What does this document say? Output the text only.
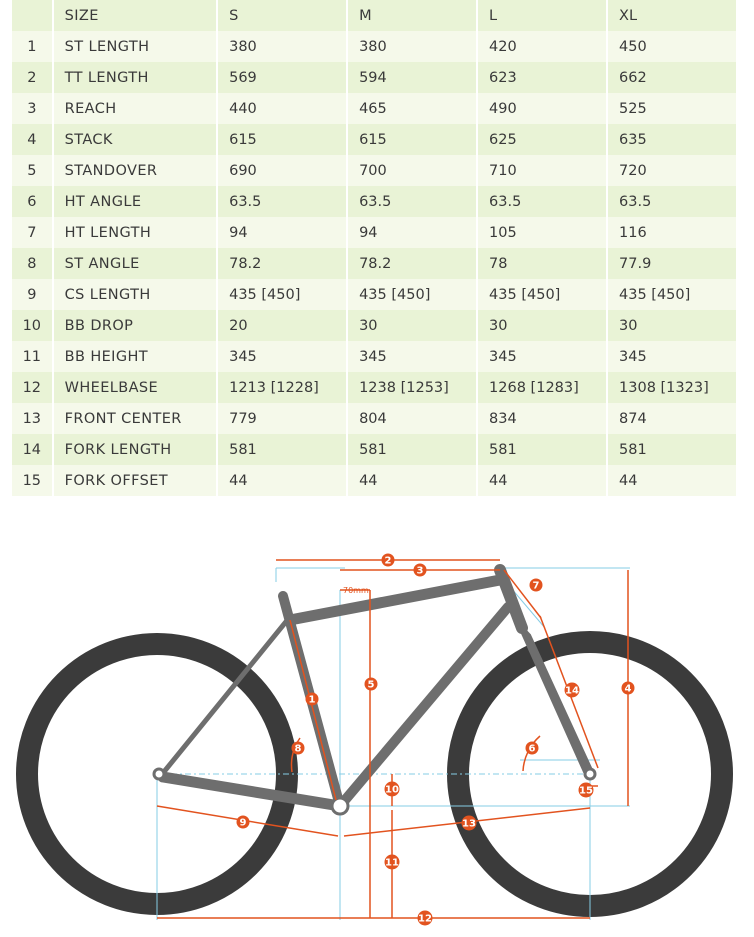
	SIZE	S	M	L	XL
1	ST LENGTH	380	380	420	450
2	TT LENGTH	569	594	623	662
3	REACH	440	465	490	525
4	STACK	615	615	625	635
5	STANDOVER	690	700	710	720
6	HT ANGLE	63.5	63.5	63.5	63.5
7	HT LENGTH	94	94	105	116
8	ST ANGLE	78.2	78.2	78	77.9
9	CS LENGTH	435 [450]	435 [450]	435 [450]	435 [450]
10	BB DROP	20	30	30	30
11	BB HEIGHT	345	345	345	345
12	WHEELBASE	1213 [1228]	1238 [1253]	1268 [1283]	1308 [1323]
13	FRONT CENTER	779	804	834	874
14	FORK LENGTH	581	581	581	581
15	FORK OFFSET	44	44	44	44
1
2
3
4
5
6
7
8
9
10
11
12
13
14
15
70mm
